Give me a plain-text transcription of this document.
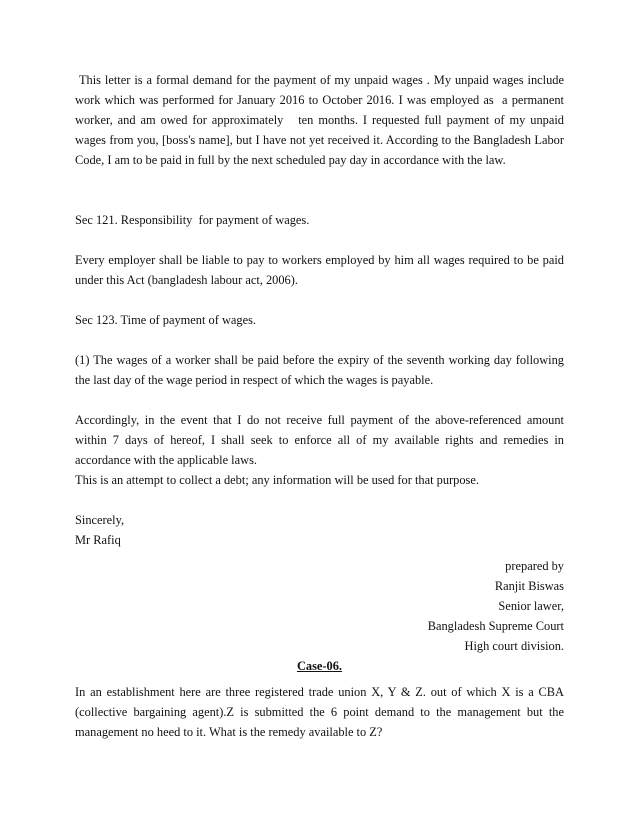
This letter is a formal demand for the payment of my unpaid wages . My unpaid wages include work which was performed for January 2016 to October 2016. I was employed as  a permanent worker, and am owed for approximately   ten months. I requested full payment of my unpaid wages from you, [boss's name], but I have not yet received it. According to the Bangladesh Labor Code, I am to be paid in full by the next scheduled pay day in accordance with the law.

Sec 121. Responsibility  for payment of wages.

Every employer shall be liable to pay to workers employed by him all wages required to be paid under this Act (bangladesh labour act, 2006).

Sec 123. Time of payment of wages.

(1) The wages of a worker shall be paid before the expiry of the seventh working day following the last day of the wage period in respect of which the wages is payable.

Accordingly, in the event that I do not receive full payment of the above-referenced amount within 7 days of hereof, I shall seek to enforce all of my available rights and remedies in accordance with the applicable laws.

This is an attempt to collect a debt; any information will be used for that purpose.

Sincerely,

Mr Rafiq

prepared by

Ranjit Biswas

Senior lawer,

Bangladesh Supreme Court

High court division.

Case-06.

In an establishment here are three registered trade union X, Y & Z. out of which X is a CBA (collective bargaining agent).Z is submitted the 6 point demand to the management but the management no heed to it. What is the remedy available to Z?
